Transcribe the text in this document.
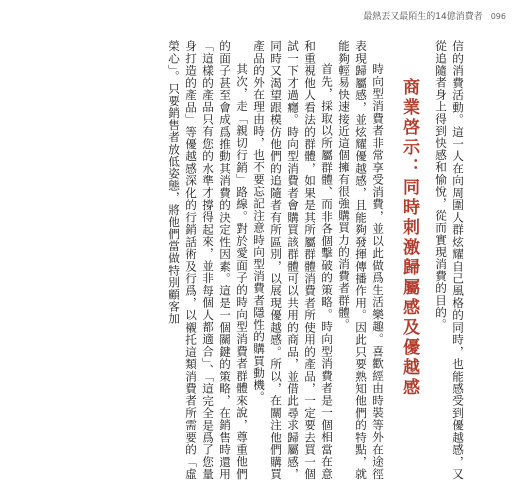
最熱丟又最陌生的14億消費者 096

信的消費活動。這一人在向周圍人群炫耀自己風格的同時，也能感受到優越感，又從追隨者身上得到快感和愉悅，從而實現消費的目的。

商業啓示：同時刺激歸屬感及優越感

時向型消費者非常享受消費，並以此做爲生活樂趣。喜歡經由時裝等外在途徑表現歸屬感，並炫耀優越感，且能夠發揮傳播作用。因此只要熟知他們的特點，就能夠輕易快速接近這個擁有很強購買力的消費者群體。

首先，採取以所屬群體、而非各個擊破的策略。時向型消費者是一個相當在意和重視他人看法的群體，如果是其所屬群體消費者所使用的產品，一定要去買一個試一下才過癮。時向型消費者會購買該群體可以共用的商品，並借此尋求歸屬感，同時又渴望跟模仿他們的追隨者有所區別，以展現優越感。所以，在關注他們購買產品的外在理由時，也不要忘記注意時向型消費者隱性的購買動機。

其次，走「親切行銷」路線。對於愛面子的時向型消費者群體來說，尊重他們的面子甚至會成爲推動其消費的決定性因素。這是一個關鍵的策略，在銷售時還用「這樣的產品只有您的水準才撐得起來，並非每個人都適合」、「這完全是爲了您量身打造的產品」等優越感深化的行銷話術及行爲，以襯托這類消費者所需要的「虛榮心」。只要銷售者放低姿態，將他們當做特別顧客加
